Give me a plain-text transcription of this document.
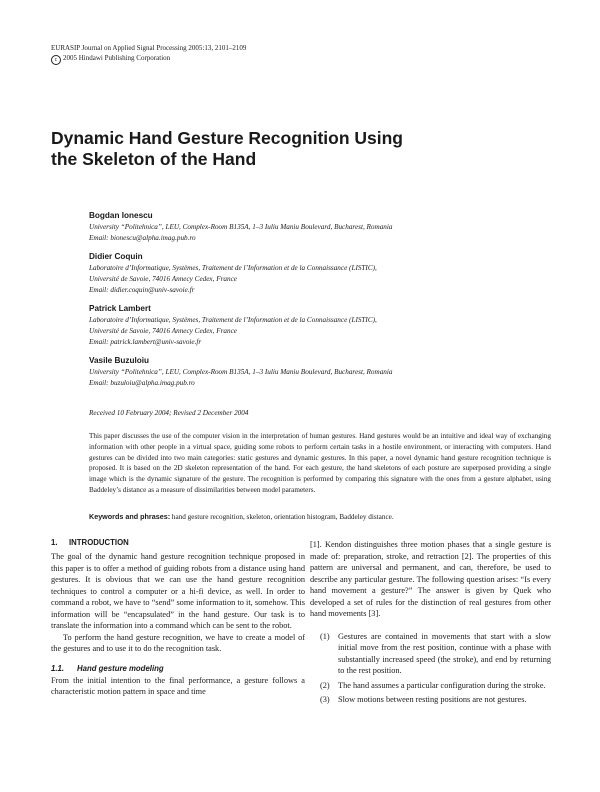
EURASIP Journal on Applied Signal Processing 2005:13, 2101–2109
c 2005 Hindawi Publishing Corporation
Dynamic Hand Gesture Recognition Using
the Skeleton of the Hand
Bogdan Ionescu
University “Politehnica”, LEU, Complex-Room B135A, 1–3 Iuliu Maniu Boulevard, Bucharest, Romania
Email: bionescu@alpha.imag.pub.ro
Didier Coquin
Laboratoire d’Informatique, Systèmes, Traitement de l’Information et de la Connaissance (LISTIC),
Université de Savoie, 74016 Annecy Cedex, France
Email: didier.coquin@univ-savoie.fr
Patrick Lambert
Laboratoire d’Informatique, Systèmes, Traitement de l’Information et de la Connaissance (LISTIC),
Université de Savoie, 74016 Annecy Cedex, France
Email: patrick.lambert@univ-savoie.fr
Vasile Buzuloiu
University “Politehnica”, LEU, Complex-Room B135A, 1–3 Iuliu Maniu Boulevard, Bucharest, Romania
Email: buzuloiu@alpha.imag.pub.ro
Received 10 February 2004; Revised 2 December 2004

This paper discusses the use of the computer vision in the interpretation of human gestures. Hand gestures would be an intuitive and ideal way of exchanging information with other people in a virtual space, guiding some robots to perform certain tasks in a hostile environment, or interacting with computers. Hand gestures can be divided into two main categories: static gestures and dynamic gestures. In this paper, a novel dynamic hand gesture recognition technique is proposed. It is based on the 2D skeleton representation of the hand. For each gesture, the hand skeletons of each posture are superposed providing a single image which is the dynamic signature of the gesture. The recognition is performed by comparing this signature with the ones from a gesture alphabet, using Baddeley’s distance as a measure of dissimilarities between model parameters.

Keywords and phrases: hand gesture recognition, skeleton, orientation histogram, Baddeley distance.
1. INTRODUCTION

The goal of the dynamic hand gesture recognition technique proposed in this paper is to offer a method of guiding robots from a distance using hand gestures. It is obvious that we can use the hand gesture recognition techniques to control a computer or a hi-fi device, as well. In order to command a robot, we have to “send” some information to it, somehow. This information will be “encapsulated” in the hand gesture. Our task is to translate the information into a command which can be sent to the robot.

To perform the hand gesture recognition, we have to create a model of the gestures and to use it to do the recognition task.

1.1. Hand gesture modeling

From the initial intention to the final performance, a gesture follows a characteristic motion pattern in space and time

[1]. Kendon distinguishes three motion phases that a single gesture is made of: preparation, stroke, and retraction [2]. The properties of this pattern are universal and permanent, and can, therefore, be used to describe any particular gesture. The following question arises: “Is every hand movement a gesture?” The answer is given by Quek who developed a set of rules for the distinction of real gestures from other hand movements [3].

(1) Gestures are contained in movements that start with a slow initial move from the rest position, continue with a phase with substantially increased speed (the stroke), and end by returning to the rest position.
(2) The hand assumes a particular configuration during the stroke.
(3) Slow motions between resting positions are not gestures.
